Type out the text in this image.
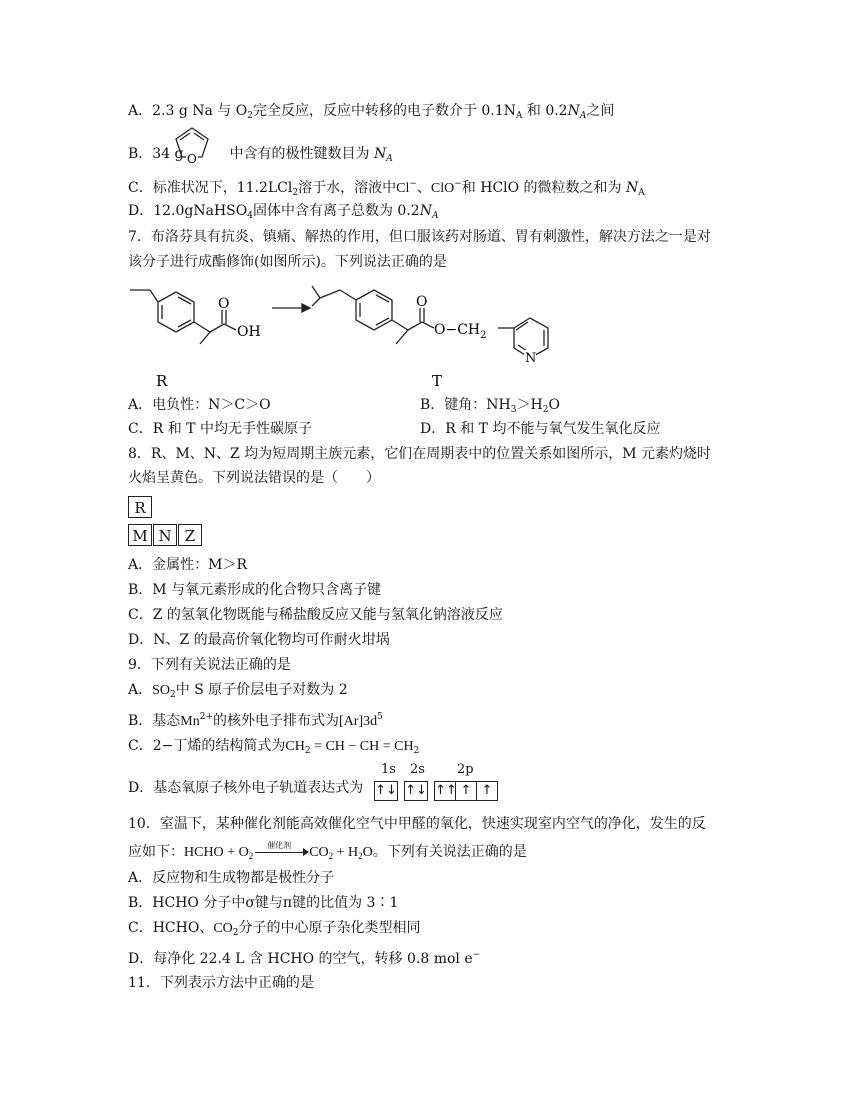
A．2.3 g Na 与 $O_2$完全反应，反应中转移的电子数介于 $0.1N_A$ 和 $0.2N_A$之间
B．34 g	中含有的极性键数目为 $N_A$
O
C．标准状况下，11.2LCl$_2$溶于水，溶液中Cl−、ClO−和 HClO 的微粒数之和为 $N_A$
D．12.0gNaHSO$_4$固体中含有离子总数为 $0.2N_A$
7．布洛芬具有抗炎、镇痛、解热的作用，但口服该药对肠道、胃有刺激性，解决方法之一是对
该分子进行成酯修饰(如图所示)。下列说法正确的是
O
OH
O
$O-CH_2$
N
R	T
A．电负性：N＞C＞O	B．键角：$NH_3>H_2O$
C．R 和 T 中均无手性碳原子	D．R 和 T 均不能与氧气发生氧化反应
8．R、M、N、Z 均为短周期主族元素，它们在周期表中的位置关系如图所示，M 元素灼烧时
火焰呈黄色。下列说法错误的是（　　）
R
M N Z
A．金属性：M＞R
B．M 与氧元素形成的化合物只含离子键
C．Z 的氢氧化物既能与稀盐酸反应又能与氢氧化钠溶液反应
D．N、Z 的最高价氧化物均可作耐火坩埚
9．下列有关说法正确的是
A．$SO_2$中 S 原子价层电子对数为 2
B．基态$Mn^{2+}$的核外电子排布式为$[Ar]3d^5$
C．2−丁烯的结构简式为$CH_2$ = CH − CH = $CH_2$
D．基态氧原子核外电子轨道表达式为
1s 2s 2p
↑↓ ↑↓ ↑↑ ↑ ↑
10．室温下，某种催化剂能高效催化空气中甲醛的氧化，快速实现室内空气的净化，发生的反
应如下：HCHO + $O_2$
催化剂 $CO_2 + H_2O$。下列有关说法正确的是
A．反应物和生成物都是极性分子
B．HCHO 分子中σ键与π键的比值为 3∶1
C．HCHO、$CO_2$分子的中心原子杂化类型相同
D．每净化 22.4 L 含 HCHO 的空气，转移 0.8 mol e−
11．下列表示方法中正确的是
